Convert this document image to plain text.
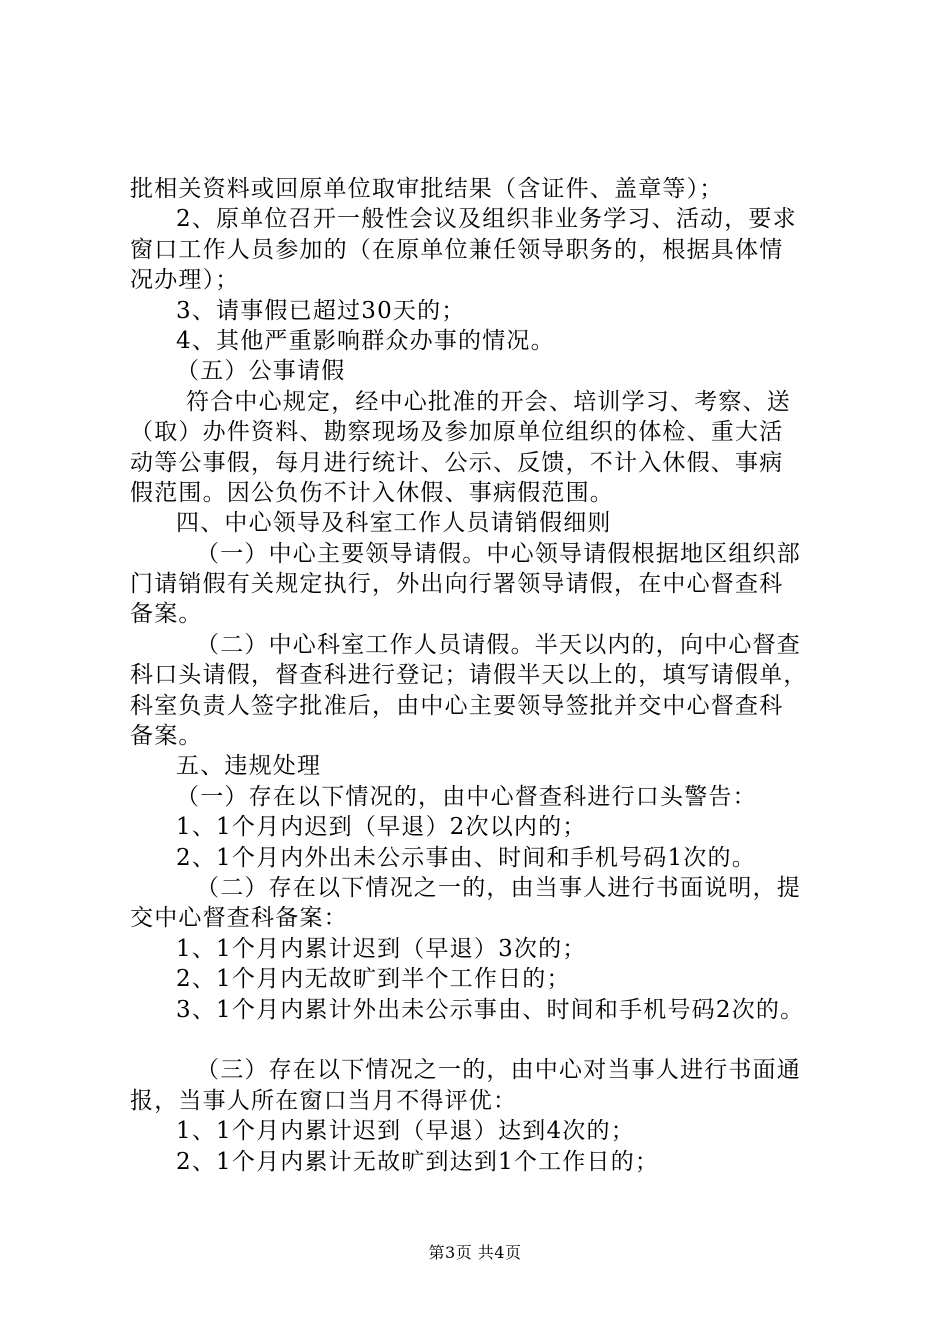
批相关资料或回原单位取审批结果（含证件、盖章等）；
2、原单位召开一般性会议及组织非业务学习、活动，要求
窗口工作人员参加的（在原单位兼任领导职务的，根据具体情
况办理）；
3、请事假已超过30天的；
4、其他严重影响群众办事的情况。
（五）公事请假
符合中心规定，经中心批准的开会、培训学习、考察、送
（取）办件资料、勘察现场及参加原单位组织的体检、重大活
动等公事假，每月进行统计、公示、反馈，不计入休假、事病
假范围。因公负伤不计入休假、事病假范围。
四、中心领导及科室工作人员请销假细则
（一）中心主要领导请假。中心领导请假根据地区组织部
门请销假有关规定执行，外出向行署领导请假，在中心督查科
备案。
（二）中心科室工作人员请假。半天以内的，向中心督查
科口头请假，督查科进行登记；请假半天以上的，填写请假单，
科室负责人签字批准后，由中心主要领导签批并交中心督查科
备案。
五、违规处理
（一）存在以下情况的，由中心督查科进行口头警告：
1、1个月内迟到（早退）2次以内的；
2、1个月内外出未公示事由、时间和手机号码1次的。
（二）存在以下情况之一的，由当事人进行书面说明，提
交中心督查科备案：
1、1个月内累计迟到（早退）3次的；
2、1个月内无故旷到半个工作日的；
3、1个月内累计外出未公示事由、时间和手机号码2次的。
（三）存在以下情况之一的，由中心对当事人进行书面通
报，当事人所在窗口当月不得评优：
1、1个月内累计迟到（早退）达到4次的；
2、1个月内累计无故旷到达到1个工作日的；
第3页 共4页
